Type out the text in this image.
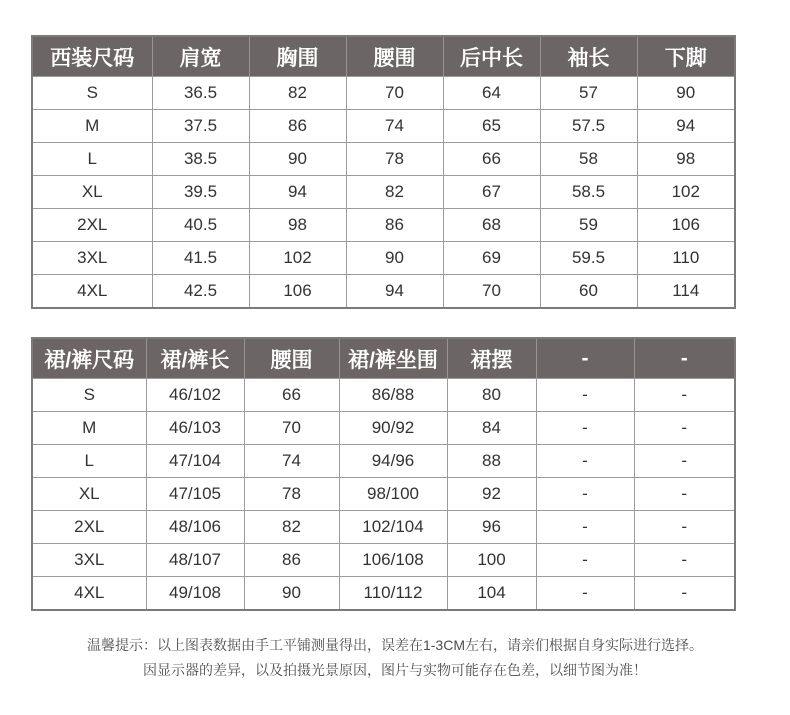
西装尺码	肩宽	胸围	腰围	后中长	袖长	下脚
S	36.5	82	70	64	57	90
M	37.5	86	74	65	57.5	94
L	38.5	90	78	66	58	98
XL	39.5	94	82	67	58.5	102
2XL	40.5	98	86	68	59	106
3XL	41.5	102	90	69	59.5	110
4XL	42.5	106	94	70	60	114
裙/裤尺码	裙/裤长	腰围	裙/裤坐围	裙摆	-	-
S	46/102	66	86/88	80	-	-
M	46/103	70	90/92	84	-	-
L	47/104	74	94/96	88	-	-
XL	47/105	78	98/100	92	-	-
2XL	48/106	82	102/104	96	-	-
3XL	48/107	86	106/108	100	-	-
4XL	49/108	90	110/112	104	-	-

温馨提示：以上图表数据由手工平铺测量得出，误差在1-3CM左右，请亲们根据自身实际进行选择。

因显示器的差异，以及拍摄光景原因，图片与实物可能存在色差，以细节图为准！
